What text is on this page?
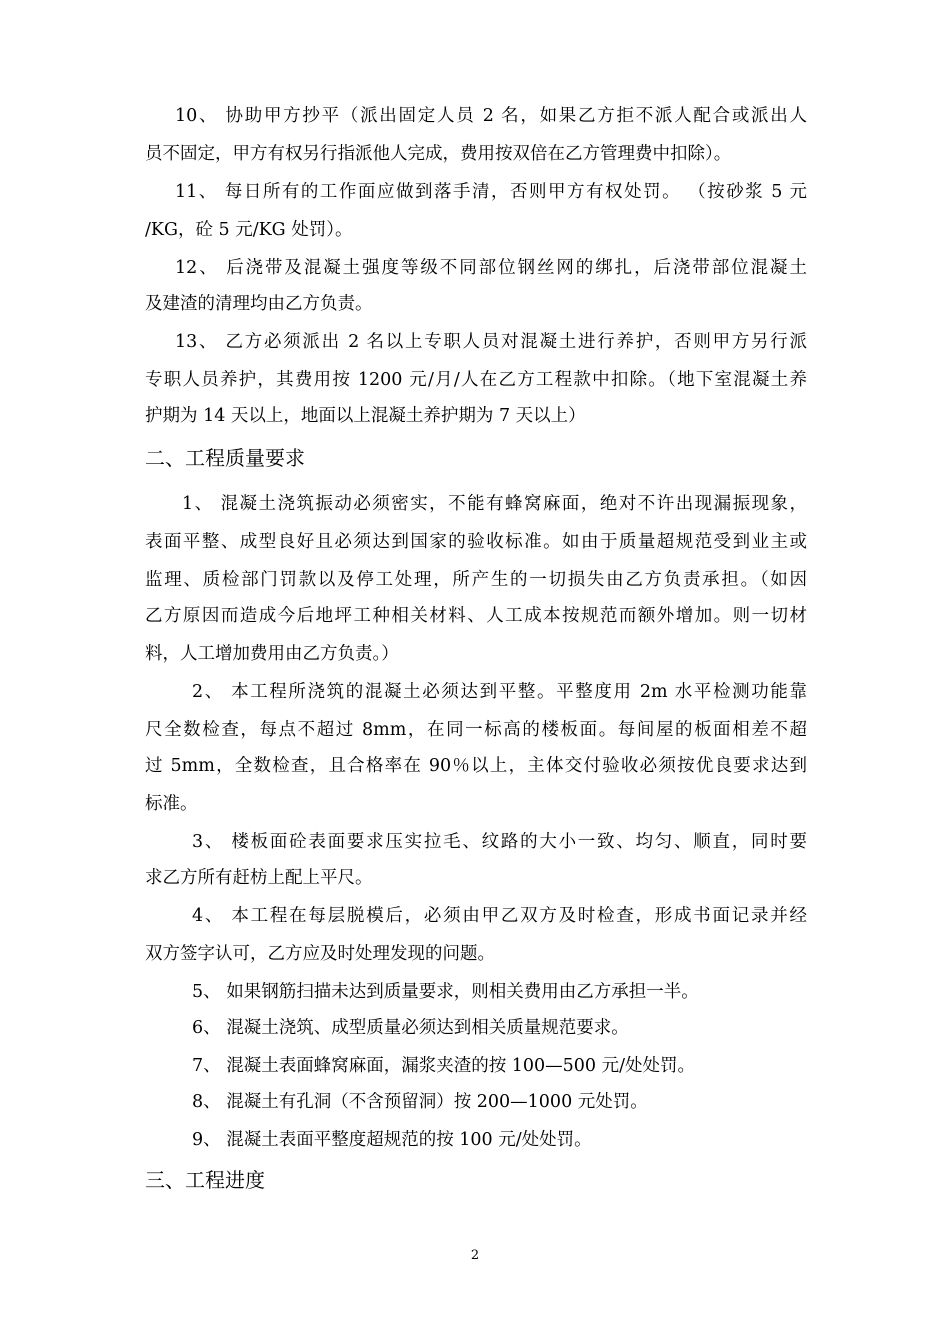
10、 协助甲方抄平（派出固定人员 2 名，如果乙方拒不派人配合或派出人
员不固定，甲方有权另行指派他人完成，费用按双倍在乙方管理费中扣除）。
11、 每日所有的工作面应做到落手清，否则甲方有权处罚。 （按砂浆 5 元
/KG，砼 5 元/KG 处罚）。
12、 后浇带及混凝土强度等级不同部位钢丝网的绑扎，后浇带部位混凝土
及建渣的清理均由乙方负责。
13、 乙方必须派出 2 名以上专职人员对混凝土进行养护，否则甲方另行派
专职人员养护，其费用按 1200 元/月/人在乙方工程款中扣除。（地下室混凝土养
护期为 14 天以上，地面以上混凝土养护期为 7 天以上）
二、工程质量要求
1、 混凝土浇筑振动必须密实，不能有蜂窝麻面，绝对不许出现漏振现象，
表面平整、成型良好且必须达到国家的验收标准。如由于质量超规范受到业主或
监理、质检部门罚款以及停工处理，所产生的一切损失由乙方负责承担。（如因
乙方原因而造成今后地坪工种相关材料、人工成本按规范而额外增加。则一切材
料，人工增加费用由乙方负责。）
2、 本工程所浇筑的混凝土必须达到平整。平整度用 2m 水平检测功能靠
尺全数检查，每点不超过 8mm，在同一标高的楼板面。每间屋的板面相差不超
过 5mm，全数检查，且合格率在 90％以上，主体交付验收必须按优良要求达到
标准。
3、 楼板面砼表面要求压实拉毛、纹路的大小一致、均匀、顺直，同时要
求乙方所有赶枋上配上平尺。
4、 本工程在每层脱模后，必须由甲乙双方及时检查，形成书面记录并经
双方签字认可，乙方应及时处理发现的问题。
5、 如果钢筋扫描未达到质量要求，则相关费用由乙方承担一半。
6、 混凝土浇筑、成型质量必须达到相关质量规范要求。
7、 混凝土表面蜂窝麻面，漏浆夹渣的按 100—500 元/处处罚。
8、 混凝土有孔洞（不含预留洞）按 200—1000 元处罚。
9、 混凝土表面平整度超规范的按 100 元/处处罚。
三、工程进度
2
